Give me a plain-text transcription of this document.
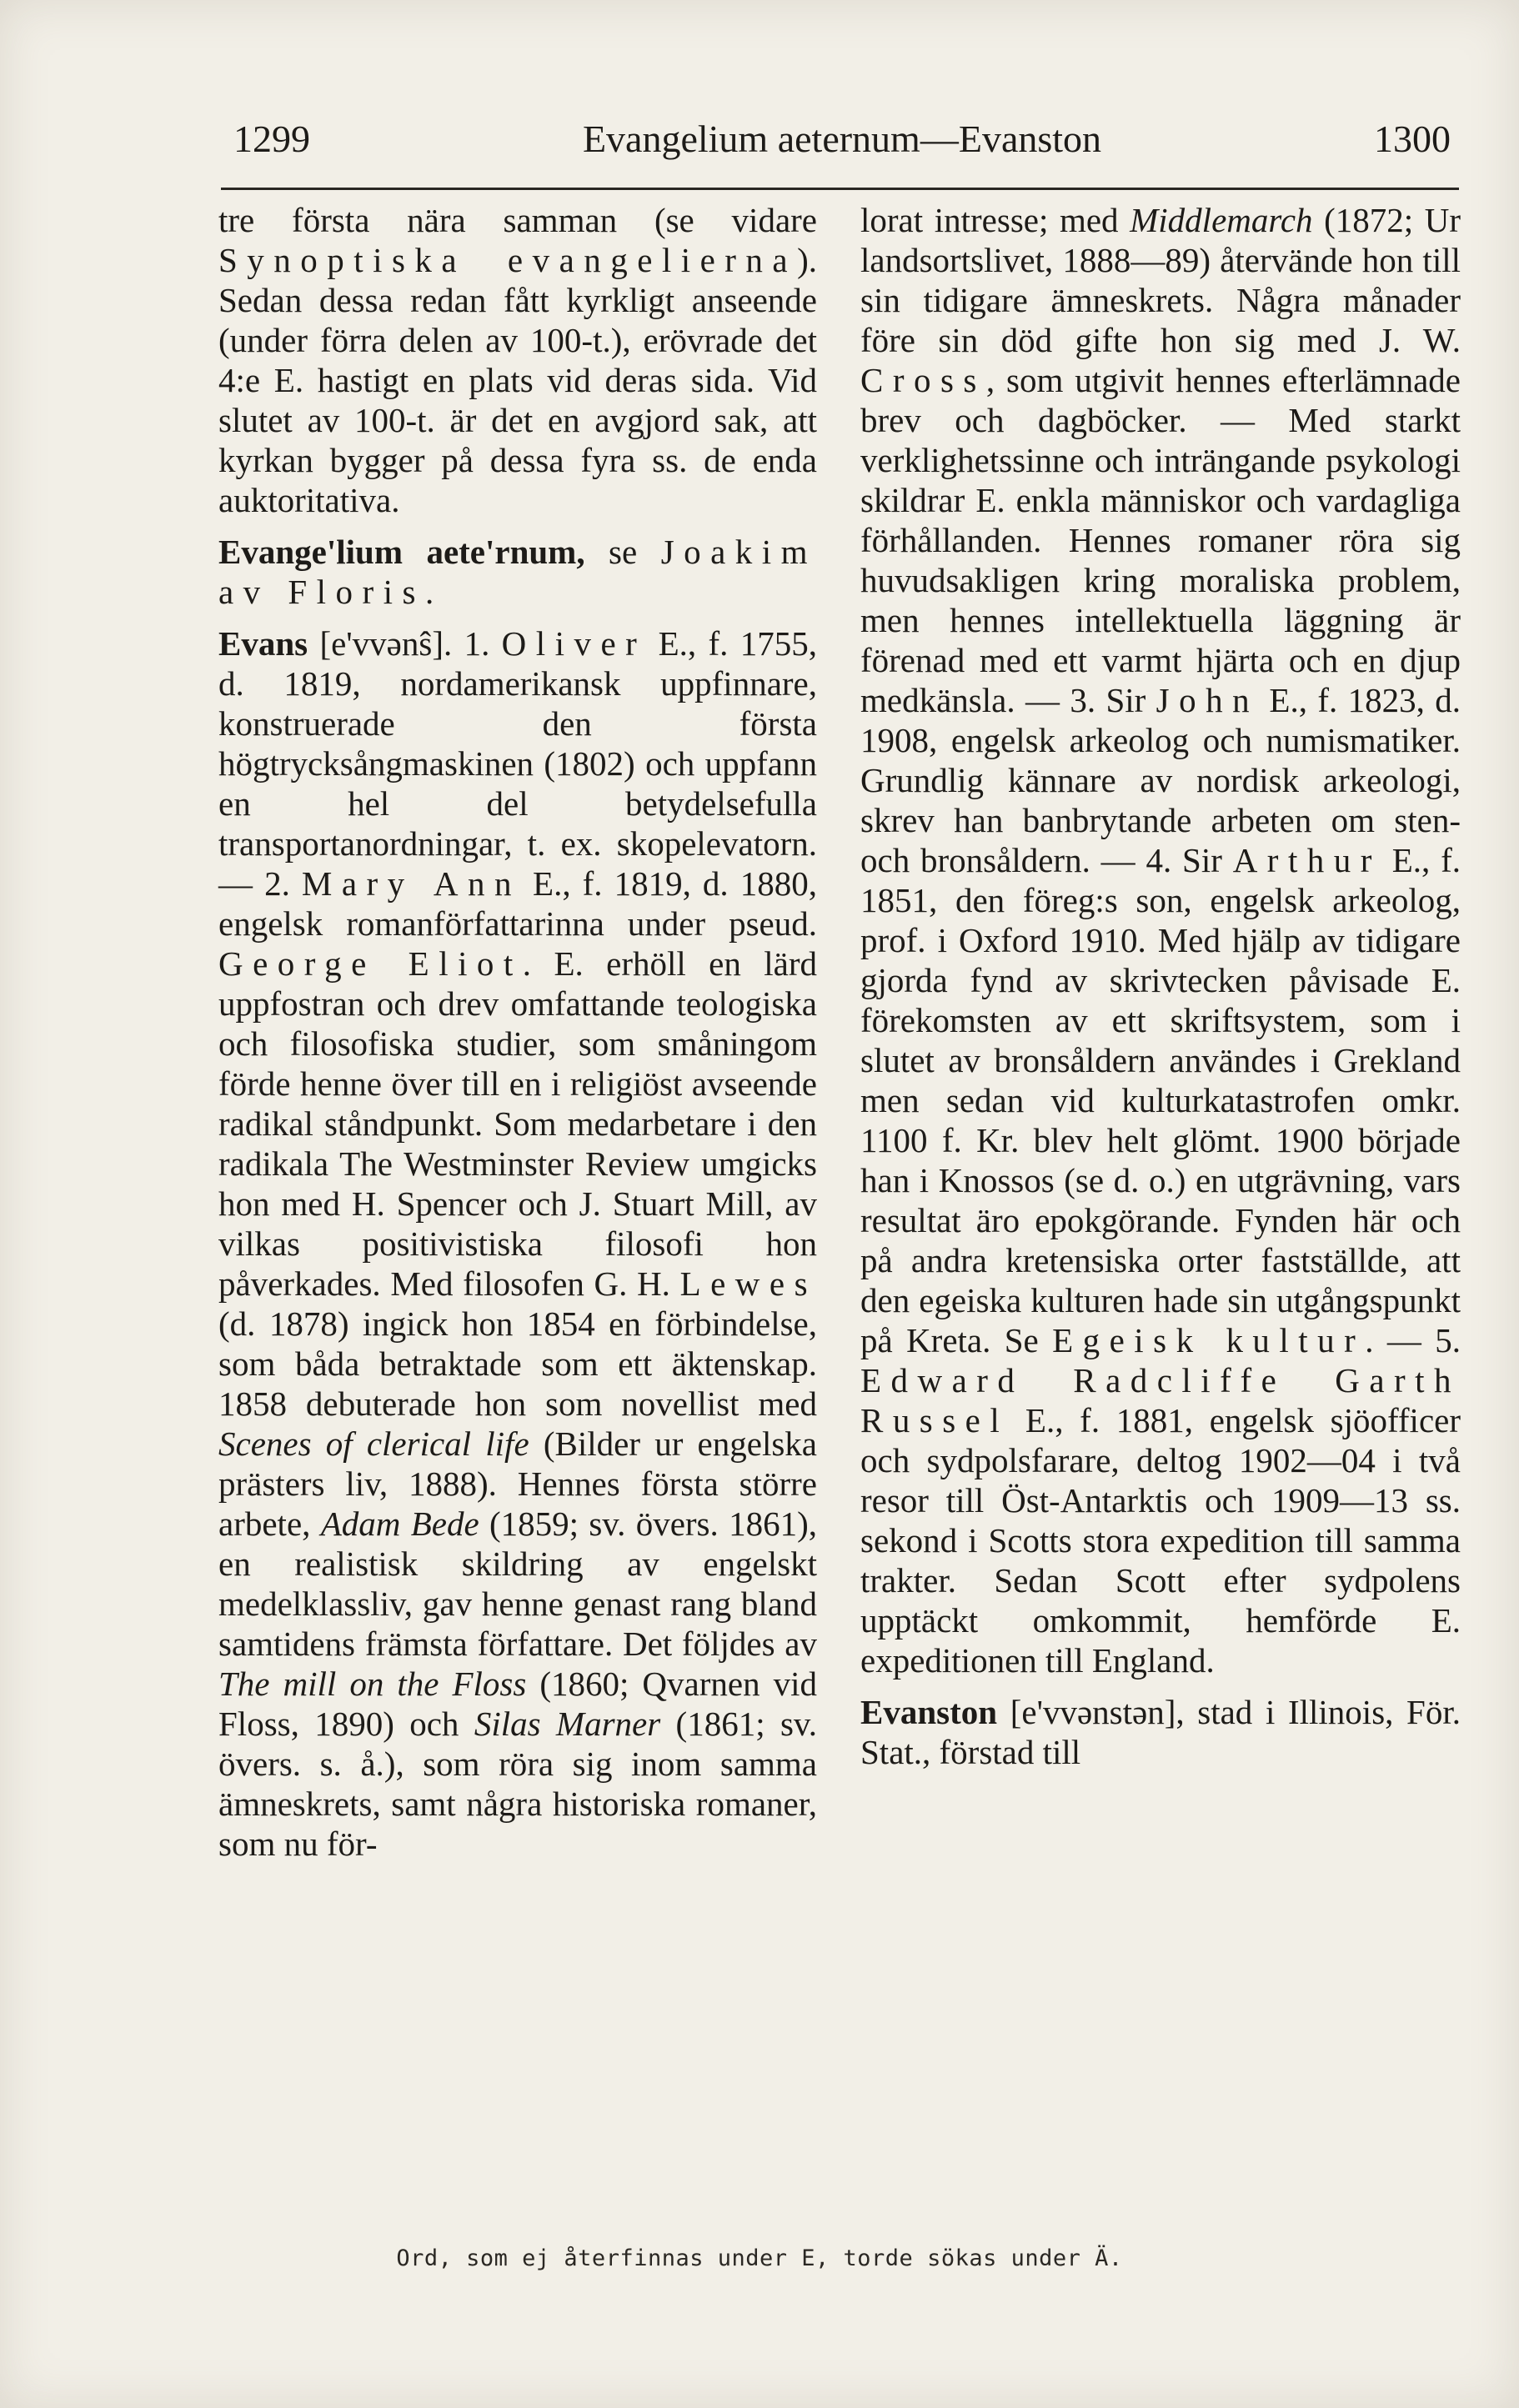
1299	Evangelium aeternum—Evanston	1300

tre första nära samman (se vidare Synoptiska evangelierna). Sedan dessa redan fått kyrkligt anseende (under förra delen av 100-t.), erövrade det 4:e E. hastigt en plats vid deras sida. Vid slutet av 100-t. är det en avgjord sak, att kyrkan bygger på dessa fyra ss. de enda auktoritativa.

Evange'lium aete'rnum, se Joakim av Floris.

Evans [e'vvənŝ]. 1. Oliver E., f. 1755, d. 1819, nordamerikansk uppfinnare, konstruerade den första högtrycksångmaskinen (1802) och uppfann en hel del betydelsefulla transportanordningar, t. ex. skopelevatorn. — 2. Mary Ann E., f. 1819, d. 1880, engelsk romanförfattarinna under pseud. George Eliot. E. erhöll en lärd uppfostran och drev omfattande teologiska och filosofiska studier, som småningom förde henne över till en i religiöst avseende radikal ståndpunkt. Som medarbetare i den radikala The Westminster Review umgicks hon med H. Spencer och J. Stuart Mill, av vilkas positivistiska filosofi hon påverkades. Med filosofen G. H. Lewes (d. 1878) ingick hon 1854 en förbindelse, som båda betraktade som ett äktenskap. 1858 debuterade hon som novellist med Scenes of clerical life (Bilder ur engelska prästers liv, 1888). Hennes första större arbete, Adam Bede (1859; sv. övers. 1861), en realistisk skildring av engelskt medelklassliv, gav henne genast rang bland samtidens främsta författare. Det följdes av The mill on the Floss (1860; Qvarnen vid Floss, 1890) och Silas Marner (1861; sv. övers. s. å.), som röra sig inom samma ämneskrets, samt några historiska romaner, som nu för-

lorat intresse; med Middlemarch (1872; Ur landsortslivet, 1888—89) återvände hon till sin tidigare ämneskrets. Några månader före sin död gifte hon sig med J. W. Cross, som utgivit hennes efterlämnade brev och dagböcker. — Med starkt verklighetssinne och inträngande psykologi skildrar E. enkla människor och vardagliga förhållanden. Hennes romaner röra sig huvudsakligen kring moraliska problem, men hennes intellektuella läggning är förenad med ett varmt hjärta och en djup medkänsla. — 3. Sir John E., f. 1823, d. 1908, engelsk arkeolog och numismatiker. Grundlig kännare av nordisk arkeologi, skrev han banbrytande arbeten om sten- och bronsåldern. — 4. Sir Arthur E., f. 1851, den föreg:s son, engelsk arkeolog, prof. i Oxford 1910. Med hjälp av tidigare gjorda fynd av skrivtecken påvisade E. förekomsten av ett skriftsystem, som i slutet av bronsåldern användes i Grekland men sedan vid kulturkatastrofen omkr. 1100 f. Kr. blev helt glömt. 1900 började han i Knossos (se d. o.) en utgrävning, vars resultat äro epokgörande. Fynden här och på andra kretensiska orter fastställde, att den egeiska kulturen hade sin utgångspunkt på Kreta. Se Egeisk kultur. — 5. Edward Radcliffe Garth Russel E., f. 1881, engelsk sjöofficer och sydpolsfarare, deltog 1902—04 i två resor till Öst-Antarktis och 1909—13 ss. sekond i Scotts stora expedition till samma trakter. Sedan Scott efter sydpolens upptäckt omkommit, hemförde E. expeditionen till England.

Evanston [e'vvənstən], stad i Illinois, För. Stat., förstad till

Ord, som ej återfinnas under E, torde sökas under Ä.
